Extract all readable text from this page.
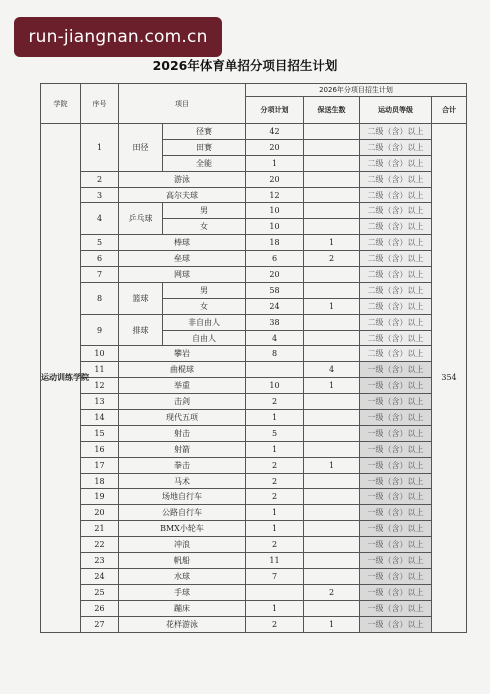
run-jiangnan.com.cn
2026年体育单招分项目招生计划
学院	序号	项目		2026年分项目招生计划			
				分项计划	保送生数	运动员等级	合计
运动训练学院	1	田径	径赛	42		二级（含）以上	354
			田赛	20		二级（含）以上	
			全能	1		二级（含）以上	
	2	游泳		20		二级（含）以上	
	3	高尔夫球		12		二级（含）以上	
	4	乒乓球	男	10		二级（含）以上	
			女	10		二级（含）以上	
	5	棒球		18	1	二级（含）以上	
	6	垒球		6	2	二级（含）以上	
	7	网球		20		二级（含）以上	
	8	篮球	男	58		二级（含）以上	
			女	24	1	二级（含）以上	
	9	排球	非自由人	38		二级（含）以上	
			自由人	4		二级（含）以上	
	10	攀岩		8		二级（含）以上	
	11	曲棍球			4	一级（含）以上	
	12	举重		10	1	一级（含）以上	
	13	击剑		2		一级（含）以上	
	14	现代五项		1		一级（含）以上	
	15	射击		5		一级（含）以上	
	16	射箭		1		一级（含）以上	
	17	拳击		2	1	一级（含）以上	
	18	马术		2		一级（含）以上	
	19	场地自行车		2		一级（含）以上	
	20	公路自行车		1		一级（含）以上	
	21	BMX小轮车		1		一级（含）以上	
	22	冲浪		2		一级（含）以上	
	23	帆船		11		一级（含）以上	
	24	水球		7		一级（含）以上	
	25	手球			2	一级（含）以上	
	26	蹦床		1		一级（含）以上	
	27	花样游泳		2	1	一级（含）以上	
